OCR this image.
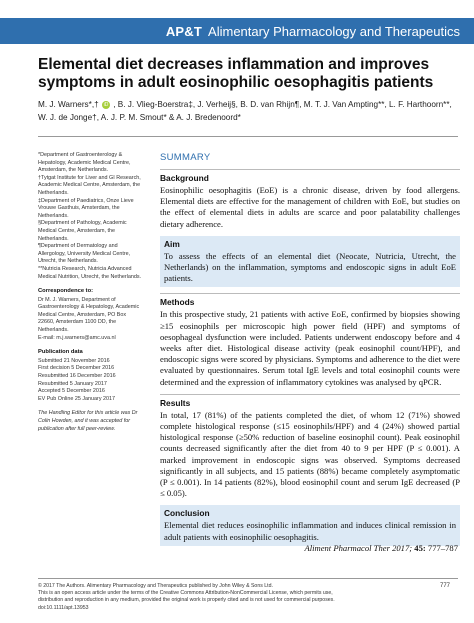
AP&T Alimentary Pharmacology and Therapeutics
Elemental diet decreases inflammation and improves symptoms in adult eosinophilic oesophagitis patients
M. J. Warners*,† iD , B. J. Vlieg-Boerstra‡, J. Verheij§, B. D. van Rhijn¶, M. T. J. Van Ampting**, L. F. Harthoorn**,
W. J. de Jonge†, A. J. P. M. Smout* & A. J. Bredenoord*
*Department of Gastroenterology & Hepatology, Academic Medical Centre, Amsterdam, the Netherlands.
†Tytgat Institute for Liver and GI Research, Academic Medical Centre, Amsterdam, the Netherlands.
‡Department of Paediatrics, Onze Lieve Vrouwe Gasthuis, Amsterdam, the Netherlands.
§Department of Pathology, Academic Medical Centre, Amsterdam, the Netherlands.
¶Department of Dermatology and Allergology, University Medical Centre, Utrecht, the Netherlands.
**Nutricia Research, Nutricia Advanced Medical Nutrition, Utrecht, the Netherlands.
Correspondence to:
Dr M. J. Warners, Department of Gastroenterology & Hepatology, Academic Medical Centre, Amsterdam, PO Box 22660, Amsterdam 1100 DD, the Netherlands.
E-mail: m.j.warners@amc.uva.nl
Publication data
Submitted 21 November 2016
First decision 5 December 2016
Resubmitted 16 December 2016
Resubmitted 5 January 2017
Accepted 5 December 2016
EV Pub Online 25 January 2017
The Handling Editor for this article was Dr Colin Howden, and it was accepted for publication after full peer-review.
SUMMARY
Background

Eosinophilic oesophagitis (EoE) is a chronic disease, driven by food allergens. Elemental diets are effective for the management of children with EoE, but studies on the effect of elemental diets in adults are scarce and poor palatability challenges dietary adherence.

Aim

To assess the effects of an elemental diet (Neocate, Nutricia, Utrecht, the Netherlands) on the inflammation, symptoms and endoscopic signs in adult EoE patients.

Methods

In this prospective study, 21 patients with active EoE, confirmed by biopsies showing ≥15 eosinophils per microscopic high power field (HPF) and symptoms of oesophageal dysfunction were included. Patients underwent endoscopy before and 4 weeks after diet. Histological disease activity (peak eosinophil count/HPF), and endoscopic signs were scored by physicians. Symptoms and adherence to the diet were evaluated by questionnaires. Serum total IgE levels and total eosinophil counts were determined and the expression of inflammatory cytokines was analysed by qPCR.

Results

In total, 17 (81%) of the patients completed the diet, of whom 12 (71%) showed complete histological response (≤15 eosinophils/HPF) and 4 (24%) showed partial histological response (≥50% reduction of baseline eosinophil count). Peak eosinophil counts decreased significantly after the diet from 40 to 9 per HPF (P ≤ 0.001). A marked improvement in endoscopic signs was observed. Symptoms decreased significantly in all subjects, and 15 patients (88%) became completely asymptomatic (P ≤ 0.001). In 14 patients (82%), blood eosinophil count and serum IgE decreased (P ≤ 0.05).

Conclusion

Elemental diet reduces eosinophilic inflammation and induces clinical remission in adult patients with eosinophilic oesophagitis.

Aliment Pharmacol Ther 2017; 45: 777–787
© 2017 The Authors. Alimentary Pharmacology and Therapeutics published by John Wiley & Sons Ltd.
This is an open access article under the terms of the Creative Commons Attribution-NonCommercial License, which permits use,
distribution and reproduction in any medium, provided the original work is properly cited and is not used for commercial purposes.
doi:10.1111/apt.13953
777
